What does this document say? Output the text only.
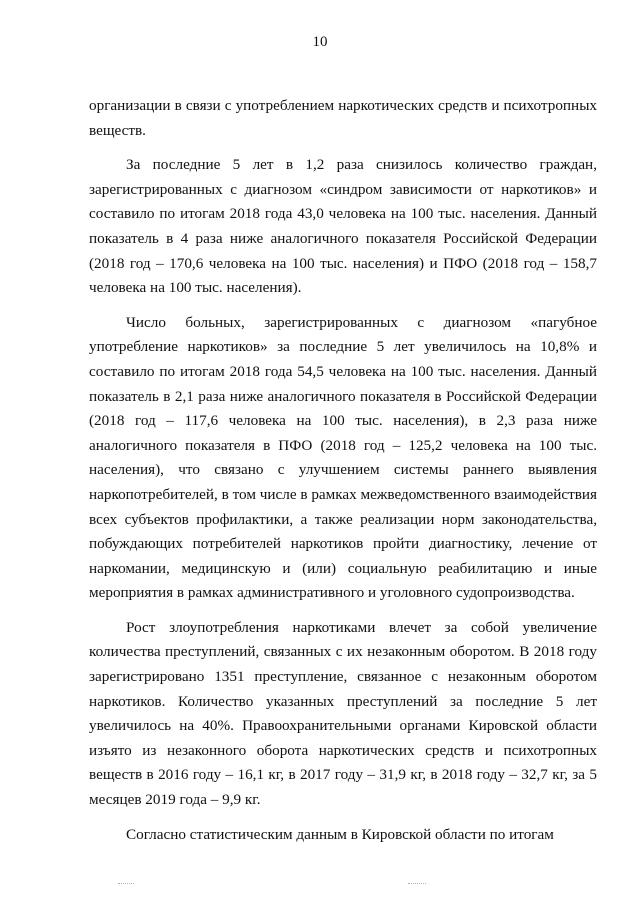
10

организации в связи с употреблением наркотических средств и психотропных веществ.

За последние 5 лет в 1,2 раза снизилось количество граждан, зарегистрированных с диагнозом «синдром зависимости от наркотиков» и составило по итогам 2018 года 43,0 человека на 100 тыс. населения. Данный показатель в 4 раза ниже аналогичного показателя Российской Федерации (2018 год – 170,6 человека на 100 тыс. населения) и ПФО (2018 год – 158,7 человека на 100 тыс. населения).

Число больных, зарегистрированных с диагнозом «пагубное употребление наркотиков» за последние 5 лет увеличилось на 10,8% и составило по итогам 2018 года 54,5 человека на 100 тыс. населения. Данный показатель в 2,1 раза ниже аналогичного показателя в Российской Федерации (2018 год – 117,6 человека на 100 тыс. населения), в 2,3 раза ниже аналогичного показателя в ПФО (2018 год – 125,2 человека на 100 тыс. населения), что связано с улучшением системы раннего выявления наркопотребителей, в том числе в рамках межведомственного взаимодействия всех субъектов профилактики, а также реализации норм законодательства, побуждающих потребителей наркотиков пройти диагностику, лечение от наркомании, медицинскую и (или) социальную реабилитацию и иные мероприятия в рамках административного и уголовного судопроизводства.

Рост злоупотребления наркотиками влечет за собой увеличение количества преступлений, связанных с их незаконным оборотом. В 2018 году зарегистрировано 1351 преступление, связанное с незаконным оборотом наркотиков. Количество указанных преступлений за последние 5 лет увеличилось на 40%. Правоохранительными органами Кировской области изъято из незаконного оборота наркотических средств и психотропных веществ в 2016 году – 16,1 кг, в 2017 году – 31,9 кг, в 2018 году – 32,7 кг, за 5 месяцев 2019 года – 9,9 кг.

Согласно статистическим данным в Кировской области по итогам
